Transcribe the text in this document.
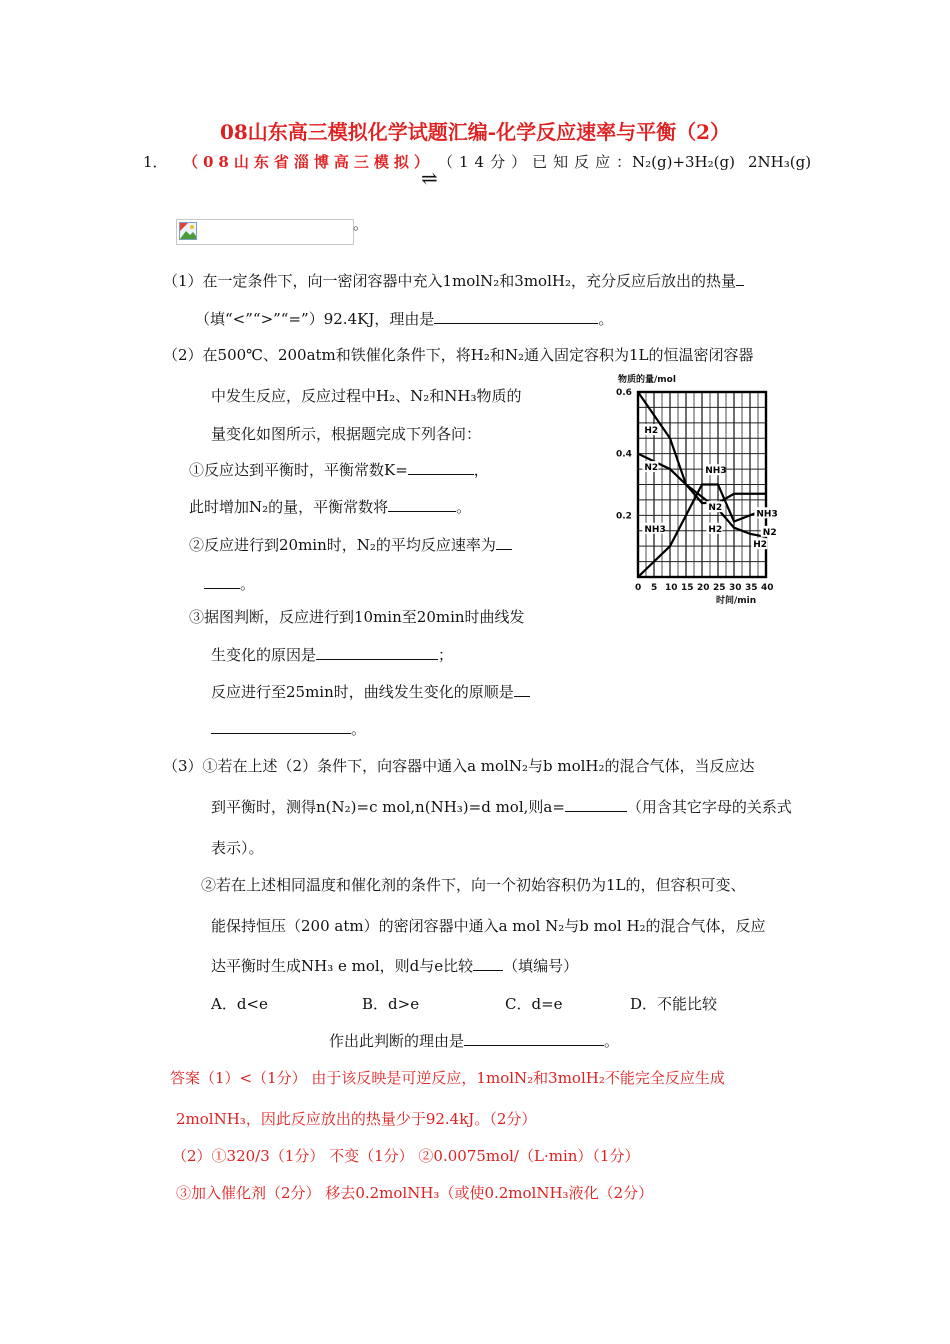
08山东高三模拟化学试题汇编-化学反应速率与平衡（2）
1． （08山东省淄博高三模拟） （14分）已知反应：
N₂(g)+3H₂(g)
⇌
2NH₃(g)
。
（1）在一定条件下，向一密闭容器中充入1molN₂和3molH₂，充分反应后放出的热量
（填“<”“>”“=”）92.4KJ，理由是	。
（2）在500℃、200atm和铁催化条件下，将H₂和N₂通入固定容积为1L的恒温密闭容器
中发生反应，反应过程中H₂、N₂和NH₃物质的
量变化如图所示，根据题完成下列各问：
①反应达到平衡时，平衡常数K=	，
此时增加N₂的量，平衡常数将	。
②反应进行到20min时，N₂的平均反应速率为
。
③据图判断，反应进行到10min至20min时曲线发
生变化的原因是	；
反应进行至25min时，曲线发生变化的原顺是
。
0.6
0.4
0.2
0 5 10 15 20 25 30 35 40
H2
H2
H2
N2
N2
N2
NH3
NH3
NH3
物质的量/mol
时间/min
（3）①若在上述（2）条件下，向容器中通入a molN₂与b molH₂的混合气体，当反应达
到平衡时，测得n(N₂)=c mol,n(NH₃)=d mol,则a=	（用含其它字母的关系式
表示）。
②若在上述相同温度和催化剂的条件下，向一个初始容积仍为1L的，但容积可变、
能保持恒压（200 atm）的密闭容器中通入a mol N₂与b mol H₂的混合气体，反应
达平衡时生成NH₃ e mol，则d与e比较 （填编号）
A．d<e	B．d>e	C．d=e	D．不能比较
作出此判断的理由是	。
答案（1）<（1分） 由于该反映是可逆反应，1molN₂和3molH₂不能完全反应生成
2molNH₃，因此反应放出的热量少于92.4kJ。（2分）
（2）①320/3（1分） 不变（1分） ②0.0075mol/（L·min）（1分）
③加入催化剂（2分） 移去0.2molNH₃（或使0.2molNH₃液化（2分）
